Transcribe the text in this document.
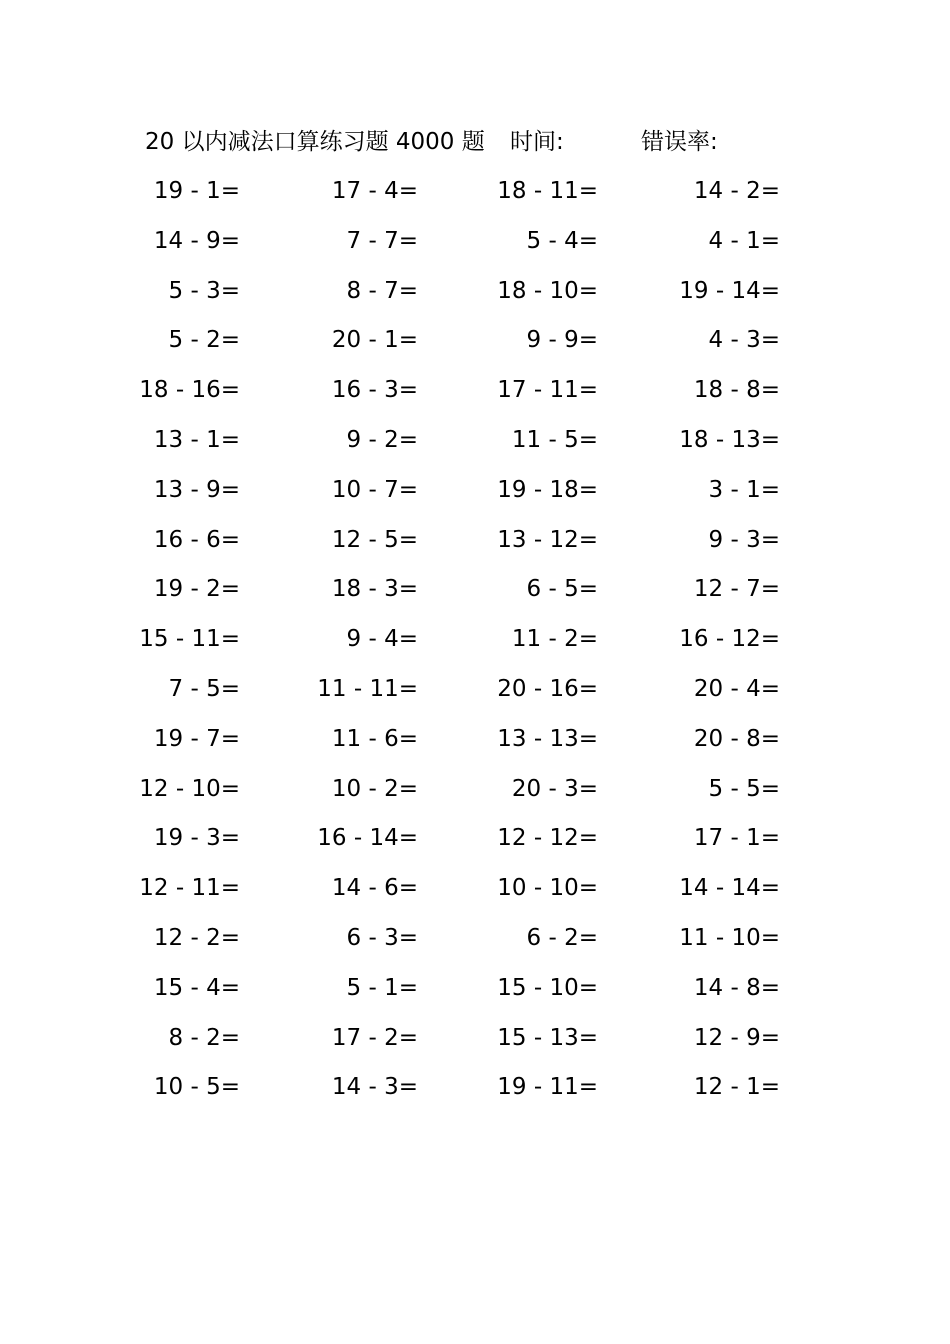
20 以内减法口算练习题 4000 题 时间:	错误率:
19 - 1=	17 - 4=	18 - 11=	14 - 2=
14 - 9=	7 - 7=	5 - 4=	4 - 1=
5 - 3=	8 - 7=	18 - 10=	19 - 14=
5 - 2=	20 - 1=	9 - 9=	4 - 3=
18 - 16=	16 - 3=	17 - 11=	18 - 8=
13 - 1=	9 - 2=	11 - 5=	18 - 13=
13 - 9=	10 - 7=	19 - 18=	3 - 1=
16 - 6=	12 - 5=	13 - 12=	9 - 3=
19 - 2=	18 - 3=	6 - 5=	12 - 7=
15 - 11=	9 - 4=	11 - 2=	16 - 12=
7 - 5=	11 - 11=	20 - 16=	20 - 4=
19 - 7=	11 - 6=	13 - 13=	20 - 8=
12 - 10=	10 - 2=	20 - 3=	5 - 5=
19 - 3=	16 - 14=	12 - 12=	17 - 1=
12 - 11=	14 - 6=	10 - 10=	14 - 14=
12 - 2=	6 - 3=	6 - 2=	11 - 10=
15 - 4=	5 - 1=	15 - 10=	14 - 8=
8 - 2=	17 - 2=	15 - 13=	12 - 9=
10 - 5=	14 - 3=	19 - 11=	12 - 1=
